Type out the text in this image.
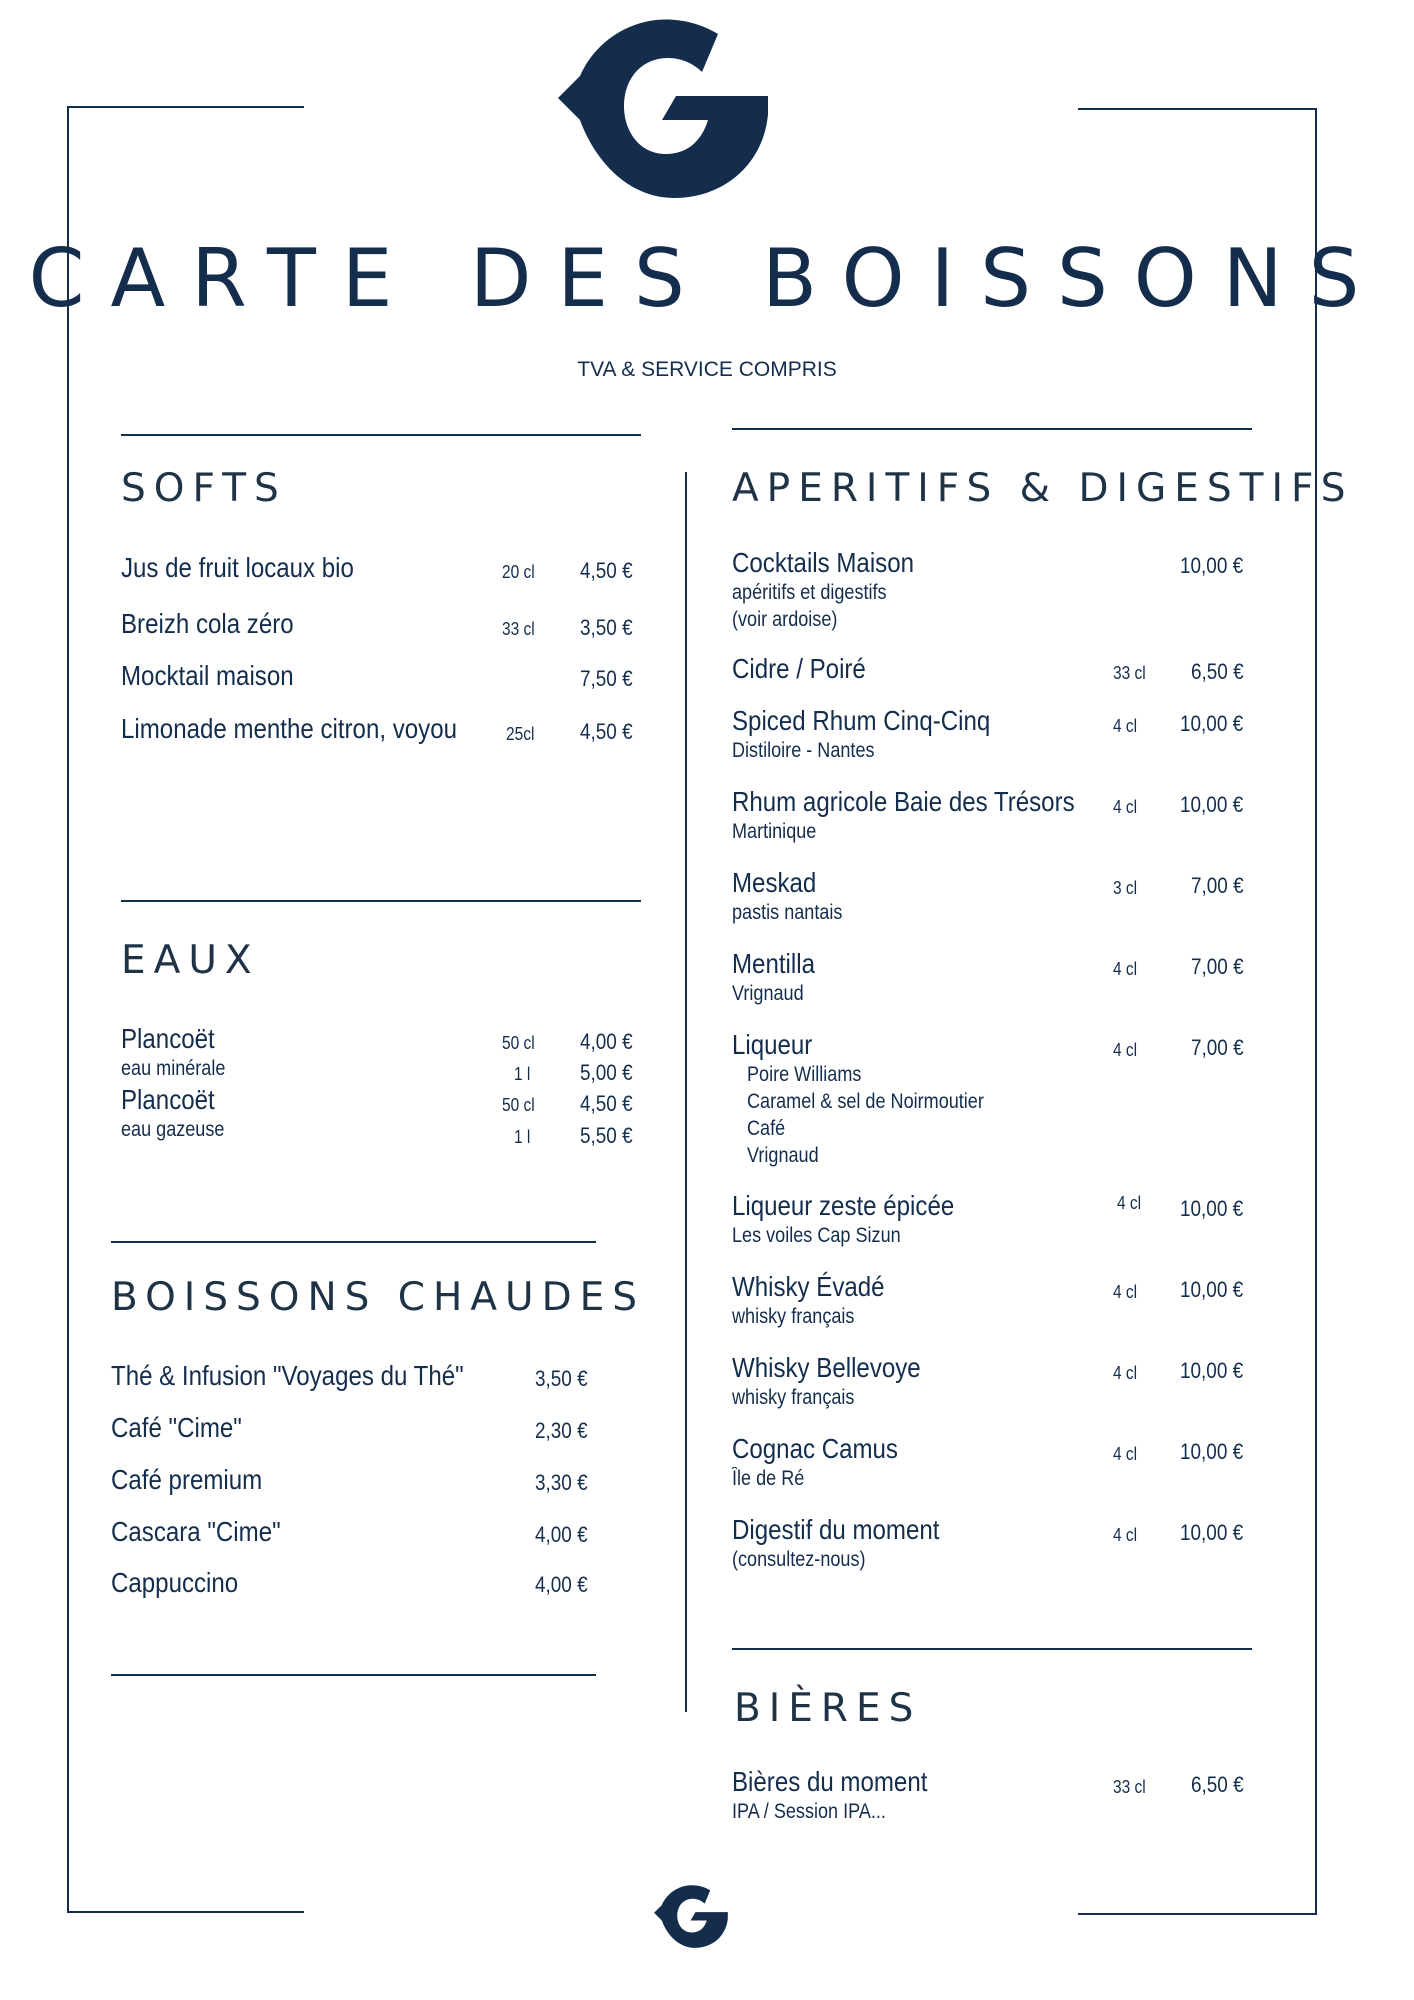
CARTE DES BOISSONS
TVA & SERVICE COMPRIS
SOFTS
Jus de fruit locaux bio	20 cl 4,50 €
Breizh cola zéro	33 cl 3,50 €
Mocktail maison	7,50 €
Limonade menthe citron, voyou	25cl 4,50 €
EAUX
Plancoët
eau minérale
50 cl 4,00 €
1 l 5,00 €
Plancoët
eau gazeuse
50 cl 4,50 €
1 l 5,50 €
BOISSONS CHAUDES
Thé & Infusion "Voyages du Thé"	3,50 €
Café "Cime"	2,30 €
Café premium	3,30 €
Cascara "Cime"	4,00 €
Cappuccino	4,00 €
APERITIFS & DIGESTIFS
Cocktails Maison
apéritifs et digestifs
(voir ardoise)
10,00 €
Cidre / Poiré	33 cl 6,50 €
Spiced Rhum Cinq-Cinq
Distiloire - Nantes
4 cl 10,00 €
Rhum agricole Baie des Trésors
Martinique
4 cl 10,00 €
Meskad
pastis nantais
3 cl 7,00 €
Mentilla
Vrignaud
4 cl 7,00 €
Liqueur
Poire Williams
Caramel & sel de Noirmoutier
Café
Vrignaud
4 cl 7,00 €
Liqueur zeste épicée
Les voiles Cap Sizun
4 cl 10,00 €
Whisky Évadé
whisky français
4 cl 10,00 €
Whisky Bellevoye
whisky français
4 cl 10,00 €
Cognac Camus
Île de Ré
4 cl 10,00 €
Digestif du moment
(consultez-nous)
4 cl 10,00 €
BIÈRES
Bières du moment
IPA / Session IPA...
33 cl 6,50 €
